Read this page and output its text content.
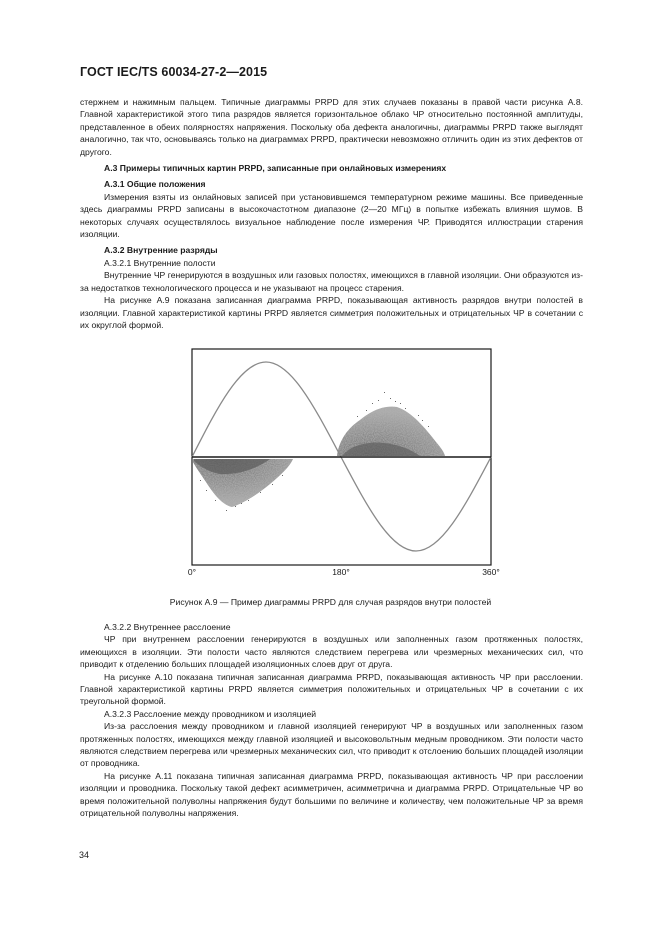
ГОСТ IEC/TS 60034-27-2—2015

стержнем и нажимным пальцем. Типичные диаграммы PRPD для этих случаев показаны в правой части рисунка А.8. Главной характеристикой этого типа разрядов является горизонтальное облако ЧР относительно постоянной амплитуды, представленное в обеих полярностях напряжения. Поскольку оба дефекта аналогичны, диаграммы PRPD также выглядят аналогично, так что, основываясь только на диаграммах PRPD, практически невозможно отличить один из этих дефектов от другого.

А.3 Примеры типичных картин PRPD, записанные при онлайновых измерениях

А.3.1 Общие положения

Измерения взяты из онлайновых записей при установившемся температурном режиме машины. Все приведенные здесь диаграммы PRPD записаны в высокочастотном диапазоне (2—20 МГц) в попытке избежать влияния шумов. В некоторых случаях осуществлялось визуальное наблюдение после измерения ЧР. Приводятся иллюстрации старения изоляции.

А.3.2 Внутренние разряды

А.3.2.1 Внутренние полости

Внутренние ЧР генерируются в воздушных или газовых полостях, имеющихся в главной изоляции. Они образуются из-за недостатков технологического процесса и не указывают на процесс старения.

На рисунке А.9 показана записанная диаграмма PRPD, показывающая активность разрядов внутри полостей в изоляции. Главной характеристикой картины PRPD является симметрия положительных и отрицательных ЧР в сочетании с их округлой формой.

0°	180°	360°
Рисунок А.9 — Пример диаграммы PRPD для случая разрядов внутри полостей

А.3.2.2 Внутреннее расслоение

ЧР при внутреннем расслоении генерируются в воздушных или заполненных газом протяженных полостях, имеющихся в изоляции. Эти полости часто являются следствием перегрева или чрезмерных механических сил, что приводит к отделению больших площадей изоляционных слоев друг от друга.

На рисунке А.10 показана типичная записанная диаграмма PRPD, показывающая активность ЧР при расслоении. Главной характеристикой картины PRPD является симметрия положительных и отрицательных ЧР в сочетании с их треугольной формой.

А.3.2.3 Расслоение между проводником и изоляцией

Из-за расслоения между проводником и главной изоляцией генерируют ЧР в воздушных или заполненных газом протяженных полостях, имеющихся между главной изоляцией и высоковольтным медным проводником. Эти полости часто являются следствием перегрева или чрезмерных механических сил, что приводит к отслоению больших площадей изоляции от проводника.

На рисунке А.11 показана типичная записанная диаграмма PRPD, показывающая активность ЧР при расслоении изоляции и проводника. Поскольку такой дефект асимметричен, асимметрична и диаграмма PRPD. Отрицательные ЧР во время положительной полуволны напряжения будут большими по величине и количеству, чем положительные ЧР за время отрицательной полуволны напряжения.

34
